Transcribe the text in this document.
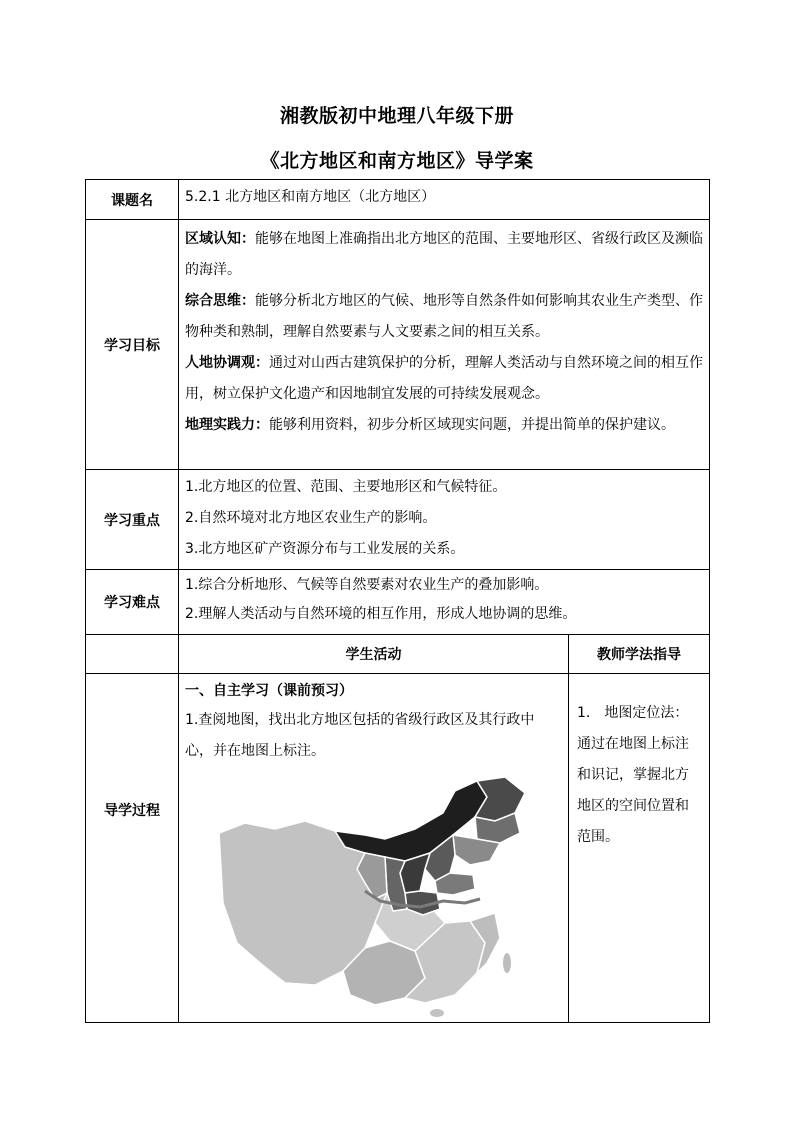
湘教版初中地理八年级下册
《北方地区和南方地区》导学案
课题名	5.2.1 北方地区和南方地区（北方地区）	

学习目标	区域认知：能够在地图上准确指出北方地区的范围、主要地形区、省级行政区及濒临的海洋。
综合思维：能够分析北方地区的气候、地形等自然条件如何影响其农业生产类型、作物种类和熟制，理解自然要素与人文要素之间的相互关系。
人地协调观：通过对山西古建筑保护的分析，理解人类活动与自然环境之间的相互作用，树立保护文化遗产和因地制宜发展的可持续发展观念。
地理实践力：能够利用资料，初步分析区域现实问题，并提出简单的保护建议。	

学习重点	1.北方地区的位置、范围、主要地形区和气候特征。
2.自然环境对北方地区农业生产的影响。
3.北方地区矿产资源分布与工业发展的关系。	

学习难点	1.综合分析地形、气候等自然要素对农业生产的叠加影响。
2.理解人类活动与自然环境的相互作用，形成人地协调的思维。	

	学生活动	教师学法指导
导学过程	一、自主学习（课前预习）
1.查阅地图，找出北方地区包括的省级行政区及其行政中心，并在地图上标注。	1.　地图定位法：通过在地图上标注和识记，掌握北方地区的空间位置和范围。
